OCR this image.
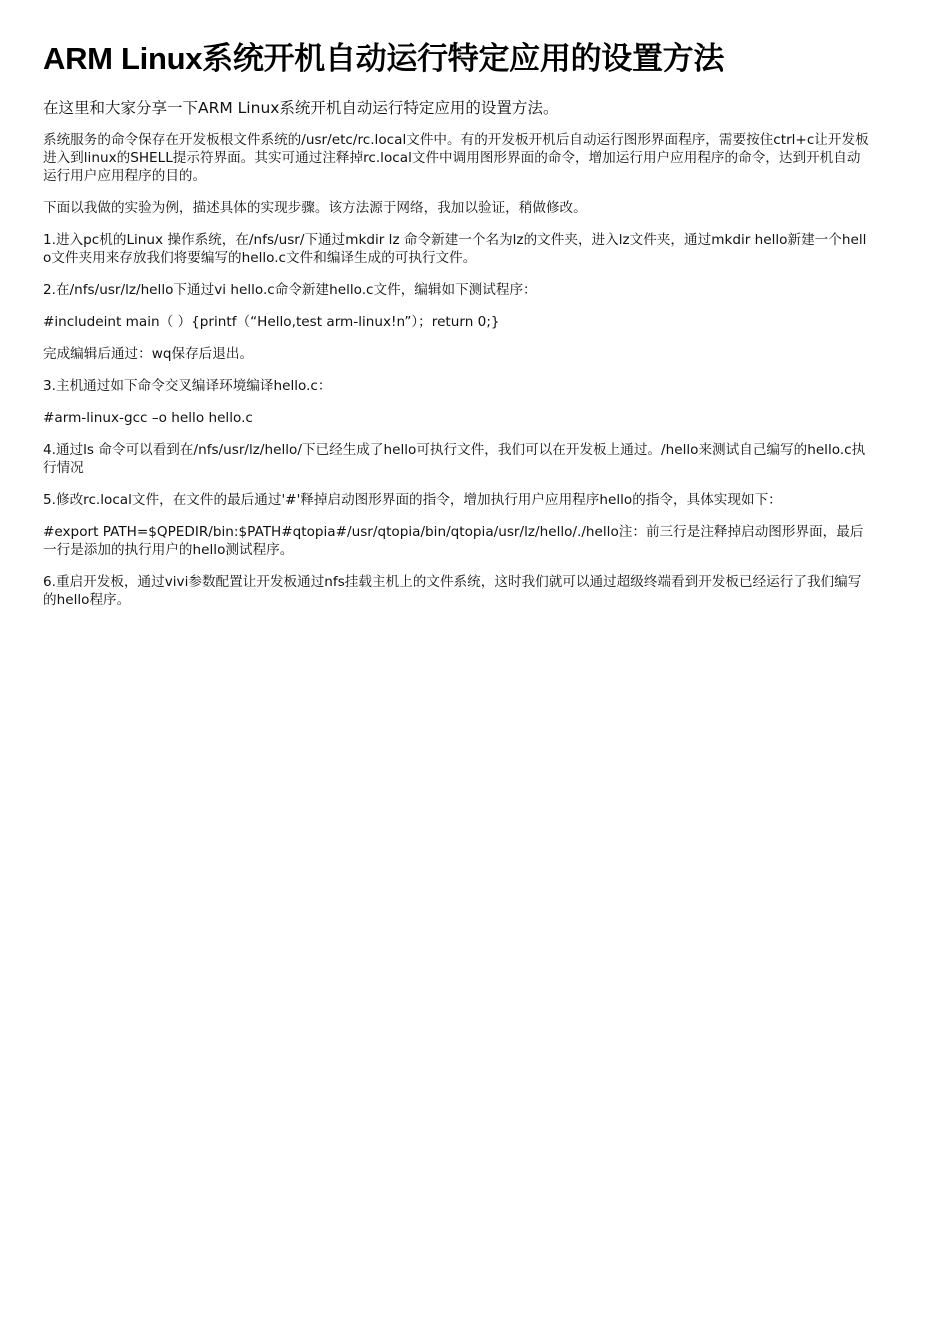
ARM Linux系统开机自动运行特定应用的设置方法

在这里和大家分享一下ARM Linux系统开机自动运行特定应用的设置方法。

系统服务的命令保存在开发板根文件系统的/usr/etc/rc.local文件中。有的开发板开机后自动运行图形界面程序，需要按住ctrl+c让开发板进入到linux的SHELL提示符界面。其实可通过注释掉rc.local文件中调用图形界面的命令，增加运行用户应用程序的命令，达到开机自动运行用户应用程序的目的。

下面以我做的实验为例，描述具体的实现步骤。该方法源于网络，我加以验证，稍做修改。

1.进入pc机的Linux 操作系统，在/nfs/usr/下通过mkdir lz 命令新建一个名为lz的文件夹，进入lz文件夹，通过mkdir hello新建一个hello文件夹用来存放我们将要编写的hello.c文件和编译生成的可执行文件。

2.在/nfs/usr/lz/hello下通过vi hello.c命令新建hello.c文件，编辑如下测试程序：

#includeint main（ ）{printf（“Hello,test arm-linux!n”）；return 0;}

完成编辑后通过：wq保存后退出。

3.主机通过如下命令交叉编译环境编译hello.c：

#arm-linux-gcc –o hello hello.c

4.通过ls 命令可以看到在/nfs/usr/lz/hello/下已经生成了hello可执行文件，我们可以在开发板上通过。/hello来测试自己编写的hello.c执行情况

5.修改rc.local文件，在文件的最后通过'#'释掉启动图形界面的指令，增加执行用户应用程序hello的指令，具体实现如下：

#export PATH=$QPEDIR/bin:$PATH#qtopia#/usr/qtopia/bin/qtopia/usr/lz/hello/./hello注：前三行是注释掉启动图形界面，最后一行是添加的执行用户的hello测试程序。

6.重启开发板，通过vivi参数配置让开发板通过nfs挂载主机上的文件系统，这时我们就可以通过超级终端看到开发板已经运行了我们编写的hello程序。
